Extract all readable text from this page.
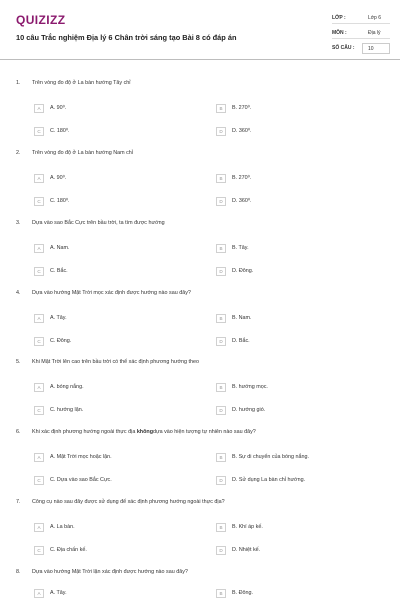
QUIZIZZ
10 câu Trắc nghiệm Địa lý 6 Chân trời sáng tạo Bài 8 có đáp án
LỚP :	Lớp 6
MÔN :	Địa lý
SỐ CÂU :	10
1. Trên vòng đo độ ở La bàn hướng Tây chỉ
A	A. 90⁰.	B	B. 270⁰.
C	C. 180⁰.	D	D. 360⁰.
2. Trên vòng đo độ ở La bàn hướng Nam chỉ
A	A. 90⁰.	B	B. 270⁰.
C	C. 180⁰.	D	D. 360⁰.
3. Dựa vào sao Bắc Cực trên bầu trời, ta tìm được hướng
A	A. Nam.	B	B. Tây.
C	C. Bắc.	D	D. Đông.
4. Dựa vào hướng Mặt Trời mọc xác định được hướng nào sau đây?
A	A. Tây.	B	B. Nam.
C	C. Đông.	D	D. Bắc.
5. Khi Mặt Trời lên cao trên bầu trời có thể xác định phương hướng theo
A	A. bóng nắng.	B	B. hướng mọc.
C	C. hướng lặn.	D	D. hướng gió.
6. Khi xác định phương hướng ngoài thực địa khôngdựa vào hiện tượng tự nhiên nào sau đây?
A	A. Mặt Trời mọc hoặc lặn.	B	B. Sự di chuyển của bóng nắng.
C	C. Dựa vào sao Bắc Cực.	D	D. Sử dụng La bàn chỉ hướng.
7. Công cụ nào sau đây được sử dụng để xác định phương hướng ngoài thực địa?
A	A. La bàn.	B	B. Khí áp kế.
C	C. Địa chấn kế.	D	D. Nhiệt kế.
8. Dựa vào hướng Mặt Trời lặn xác định được hướng nào sau đây?
A	A. Tây.	B	B. Đông.
